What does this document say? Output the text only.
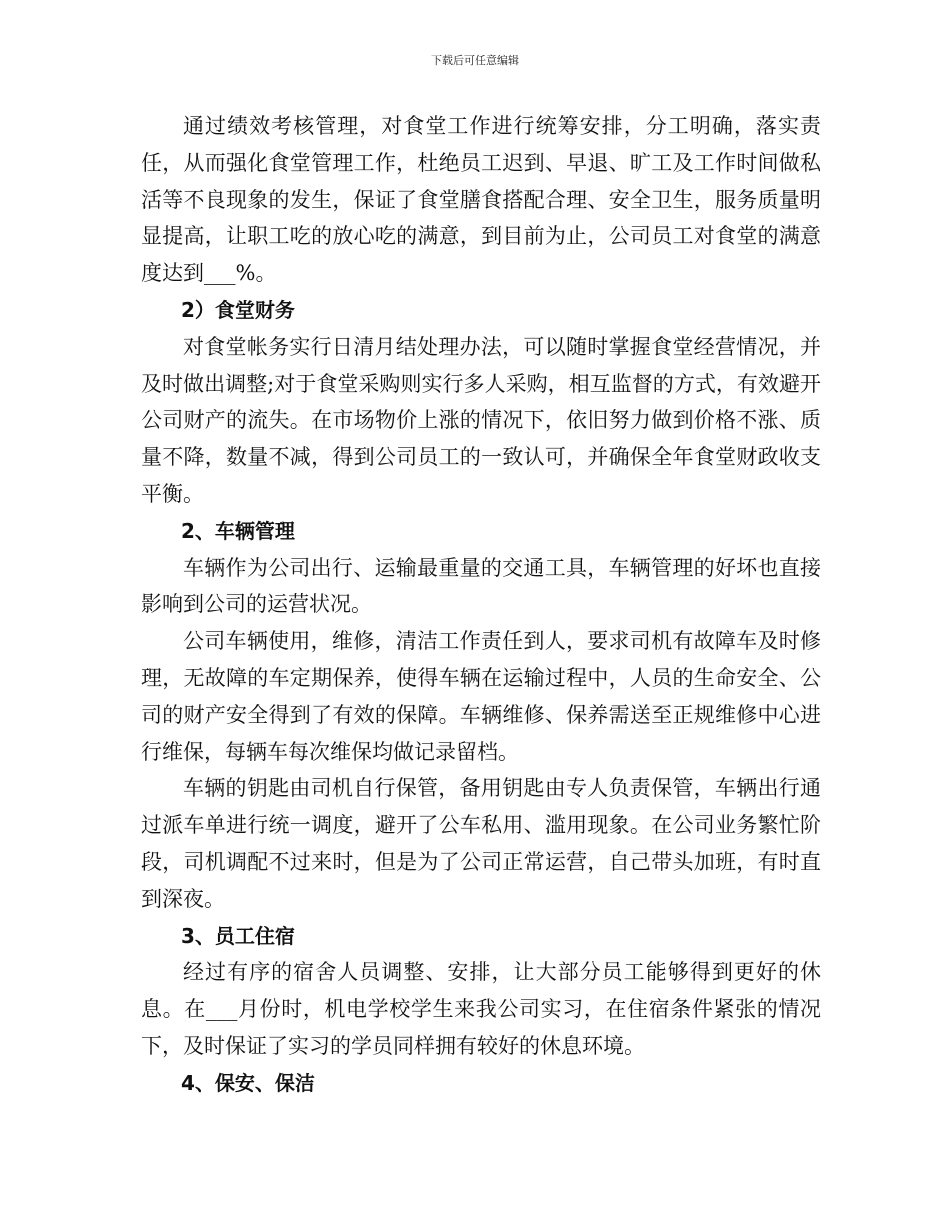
下载后可任意编辑

通过绩效考核管理，对食堂工作进行统筹安排，分工明确，落实责任，从而强化食堂管理工作，杜绝员工迟到、早退、旷工及工作时间做私活等不良现象的发生，保证了食堂膳食搭配合理、安全卫生，服务质量明显提高，让职工吃的放心吃的满意，到目前为止，公司员工对食堂的满意度达到___%。

2）食堂财务

对食堂帐务实行日清月结处理办法，可以随时掌握食堂经营情况，并及时做出调整;对于食堂采购则实行多人采购，相互监督的方式，有效避开公司财产的流失。在市场物价上涨的情况下，依旧努力做到价格不涨、质量不降，数量不减，得到公司员工的一致认可，并确保全年食堂财政收支平衡。

2、车辆管理

车辆作为公司出行、运输最重量的交通工具，车辆管理的好坏也直接影响到公司的运营状况。

公司车辆使用，维修，清洁工作责任到人，要求司机有故障车及时修理，无故障的车定期保养，使得车辆在运输过程中，人员的生命安全、公司的财产安全得到了有效的保障。车辆维修、保养需送至正规维修中心进行维保，每辆车每次维保均做记录留档。

车辆的钥匙由司机自行保管，备用钥匙由专人负责保管，车辆出行通过派车单进行统一调度，避开了公车私用、滥用现象。在公司业务繁忙阶段，司机调配不过来时，但是为了公司正常运营，自己带头加班，有时直到深夜。

3、员工住宿

经过有序的宿舍人员调整、安排，让大部分员工能够得到更好的休息。在___月份时，机电学校学生来我公司实习，在住宿条件紧张的情况下，及时保证了实习的学员同样拥有较好的休息环境。

4、保安、保洁
